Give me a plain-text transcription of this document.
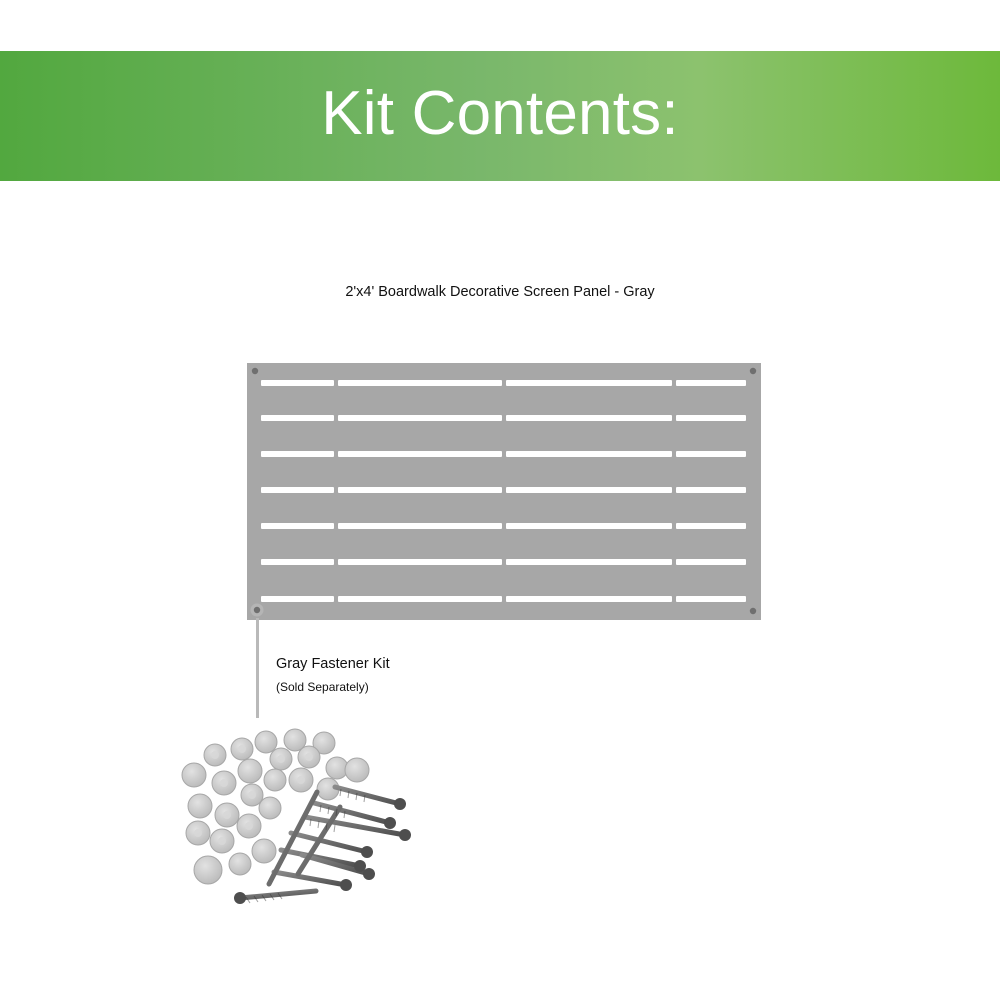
Kit Contents:
2'x4' Boardwalk Decorative Screen Panel - Gray
Gray Fastener Kit
(Sold Separately)
